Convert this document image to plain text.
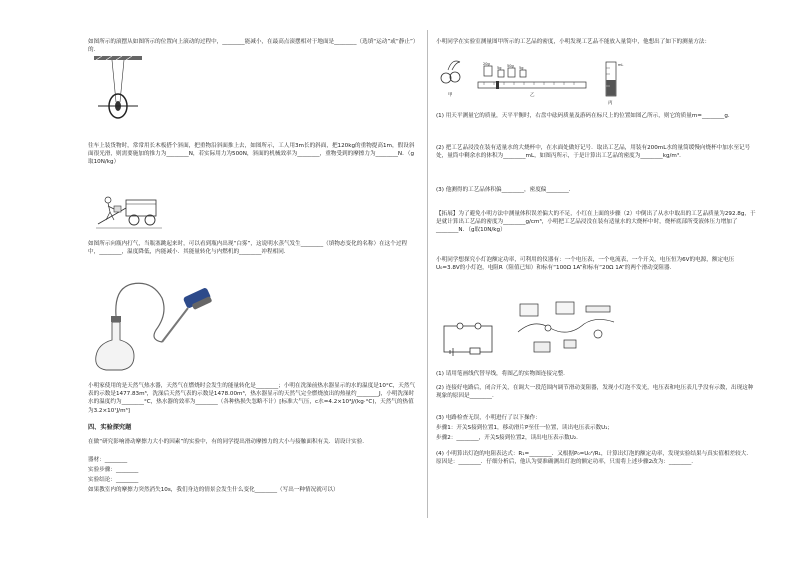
如图所示的滚摆从如图所示的位置向上滚动的过程中，________能减小，在最高点滚摆相对于地面是________（选填“运动”或“静止”）的.
往车上装货物时，常常用长木板搭个斜面，把重物沿斜面推上去，如图所示，工人用3m长的斜面，把120kg的重物提高1m，假设斜面很光滑，则需要施加的推力为________N，若实际用力为500N，斜面的机械效率为________，重物受到的摩擦力为________N．（g取10N/kg）
如图所示向瓶内打气，当瓶塞跳起来时，可以看到瓶内出现“白雾”，这说明水蒸气发生________（填物态变化的名称）在这个过程中，________，温度降低，内能减小．其能量转化与内燃机的________冲程相同.
小明家使用的是天然气热水器，天然气在燃烧时会发生的能量转化是________；小明在洗澡前热水器显示的水的温度是10°C，天然气表的示数是1477.83m³，洗澡后天然气表的示数是1478.00m³，热水器显示的天然气完全燃烧放出的热量约________J，小明洗澡时水的温度约为________°C，热水器的效率为________（各种热损失忽略不计）[标准大气压，c水=4.2×10³J/(kg·°C)，天然气的热值为3.2×10⁷J/m³]
四、实验探究题
在做“研究影响滑动摩擦力大小的因素”的实验中，有的同学提出滑动摩擦力的大小与接触面积有关．请设计实验．
器材：________
实验步骤：________
实验结论：________
如果教室内的摩擦力突然消失10s，我们身边的情景会发生什么变化________（写出一种情况就可以）
小明同学在实验室测量图甲所示的工艺品的密度，小明发现工艺品不能放入量筒中，他想出了如下的测量方法：
甲
20g
5g 50g 5g
乙
mL
丙
(1) 用天平测量它的质量，天平平衡时，右盘中砝码质量及游码在标尺上的位置如图乙所示，则它的质量m=________g.
(2) 把工艺品浸没在装有适量水的大烧杯中，在水面处做好记号．取出工艺品，用装有200mL水的量筒缓慢向烧杯中加水至记号处，量筒中剩余水的体积为________mL，如图丙所示，于是计算出工艺品的密度为________kg/m³.
(3) 他测得的工艺品体积偏________，密度偏________.
【拓展】为了避免小明方法中测量体积误差偏大的不足，小红在上面的步骤（2）中倒出了从水中取出的工艺品质量为292.8g，于是就计算出工艺品的密度为________g/cm³，小明把工艺品浸没在装有适量水的大烧杯中时，烧杯底部所受液体压力增加了________N．（g取10N/kg）
小明同学想探究小灯泡额定功率，可利用的仪器有：一个电压表，一个电流表，一个开关，电压恒为6V的电源，额定电压U₀=3.8V的小灯泡，电阻R（阻值已知）和标有“100Ω 1A”和标有“20Ω 1A”的两个滑动变阻器.
(1) 请用笔画线代替导线，将图乙的实物图连接完整.
(2) 连接好电路后，闭合开关，在调大一段范围内调节滑动变阻器，发现小灯泡不发光，电压表和电压表几乎没有示数，出现这种现象的原因是________.
(3) 电路检查无误，小明进行了以下操作：
步骤1：开关S接到位置1，移动滑片P至任一位置，读出电压表示数U₁；
步骤2：________，开关S接到位置2，读出电压表示数U₂.
(4) 小明算出灯泡的电阻表达式：R₁=________．又根据P₀=U₀²/R₁，计算出灯泡的额定功率，发现实验结果与真实值相差较大．原因是：________．仔细分析后，他认为要准确测出灯泡的额定功率，只需将上述步骤2改为：________.
